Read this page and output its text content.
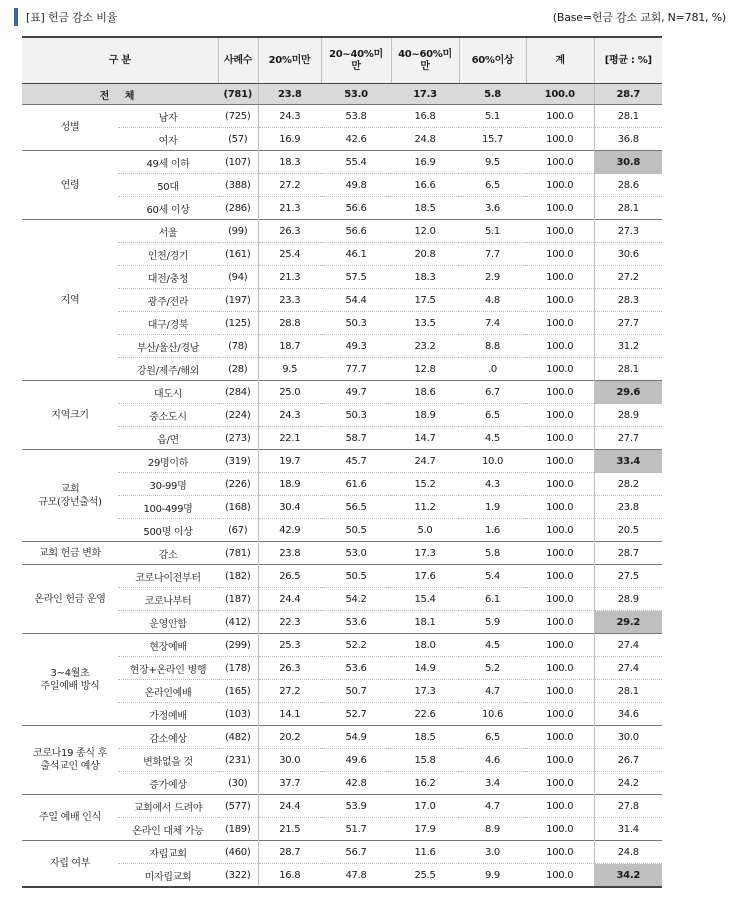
[표] 헌금 감소 비율	(Base=헌금 감소 교회, N=781, %)
구 분		사례수	20%미만	20~40%미만	40~60%미만	60%이상	계	[평균 : %]
전 체		(781)	23.8	53.0	17.3	5.8	100.0	28.7
성별	남자	(725)	24.3	53.8	16.8	5.1	100.0	28.1
	여자	(57)	16.9	42.6	24.8	15.7	100.0	36.8
연령	49세 이하	(107)	18.3	55.4	16.9	9.5	100.0	30.8
	50대	(388)	27.2	49.8	16.6	6.5	100.0	28.6
	60세 이상	(286)	21.3	56.6	18.5	3.6	100.0	28.1
지역	서울	(99)	26.3	56.6	12.0	5.1	100.0	27.3
	인천/경기	(161)	25.4	46.1	20.8	7.7	100.0	30.6
	대전/충청	(94)	21.3	57.5	18.3	2.9	100.0	27.2
	광주/전라	(197)	23.3	54.4	17.5	4.8	100.0	28.3
	대구/경북	(125)	28.8	50.3	13.5	7.4	100.0	27.7
	부산/울산/경남	(78)	18.7	49.3	23.2	8.8	100.0	31.2
	강원/제주/해외	(28)	9.5	77.7	12.8	.0	100.0	28.1
지역크기	대도시	(284)	25.0	49.7	18.6	6.7	100.0	29.6
	중소도시	(224)	24.3	50.3	18.9	6.5	100.0	28.9
	읍/면	(273)	22.1	58.7	14.7	4.5	100.0	27.7

교회
규모(장년출석)	29명이하	(319)	19.7	45.7	24.7	10.0	100.0	33.4
	30-99명	(226)	18.9	61.6	15.2	4.3	100.0	28.2
	100-499명	(168)	30.4	56.5	11.2	1.9	100.0	23.8
	500명 이상	(67)	42.9	50.5	5.0	1.6	100.0	20.5
교회 헌금 변화	감소	(781)	23.8	53.0	17.3	5.8	100.0	28.7
온라인 헌금 운영	코로나이전부터	(182)	26.5	50.5	17.6	5.4	100.0	27.5
	코로나부터	(187)	24.4	54.2	15.4	6.1	100.0	28.9
	운영안함	(412)	22.3	53.6	18.1	5.9	100.0	29.2

3~4월초
주일예배 방식	현장예배	(299)	25.3	52.2	18.0	4.5	100.0	27.4
	현장+온라인 병행	(178)	26.3	53.6	14.9	5.2	100.0	27.4
	온라인예배	(165)	27.2	50.7	17.3	4.7	100.0	28.1
	가정예배	(103)	14.1	52.7	22.6	10.6	100.0	34.6

코로나19 종식 후
출석교인 예상	감소예상	(482)	20.2	54.9	18.5	6.5	100.0	30.0
	변화없을 것	(231)	30.0	49.6	15.8	4.6	100.0	26.7
	증가예상	(30)	37.7	42.8	16.2	3.4	100.0	24.2
주일 예배 인식	교회에서 드려야	(577)	24.4	53.9	17.0	4.7	100.0	27.8
	온라인 대체 가능	(189)	21.5	51.7	17.9	8.9	100.0	31.4
자립 여부	자립교회	(460)	28.7	56.7	11.6	3.0	100.0	24.8
	미자립교회	(322)	16.8	47.8	25.5	9.9	100.0	34.2
